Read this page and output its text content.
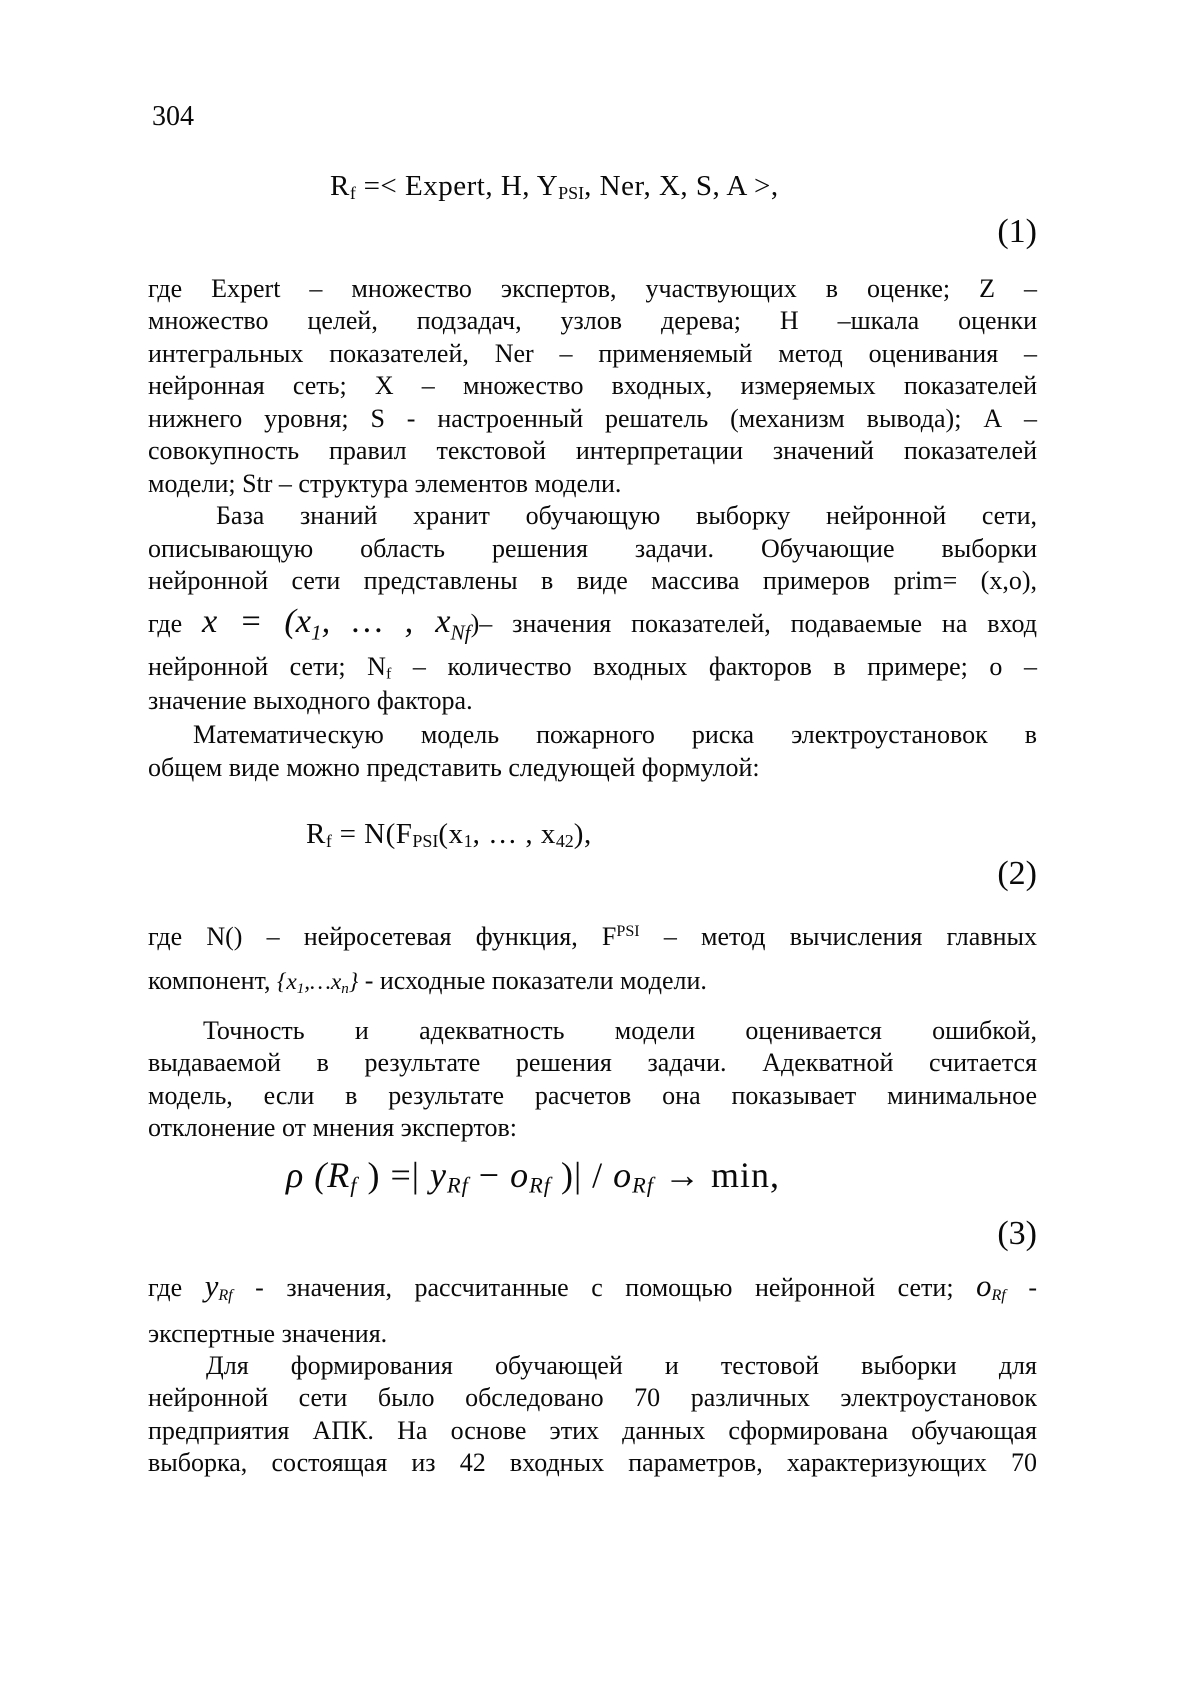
304
Rf =< Expert, H, YPSI, Ner, X, S, A >,
(1)
где Expert – множество экспертов, участвующих в оценке; Z –
множество целей, подзадач, узлов дерева; Н –шкала оценки
интегральных показателей, Ner – применяемый метод оценивания –
нейронная сеть; Х – множество входных, измеряемых показателей
нижнего уровня; S - настроенный решатель (механизм вывода); А –
совокупность правил текстовой интерпретации значений показателей
модели; Str – структура элементов модели.
База знаний хранит обучающую выборку нейронной сети,
описывающую область решения задачи. Обучающие выборки
нейронной сети представлены в виде массива примеров prim= (x,o),
где $x = (x_1$, … , $x_{Nf})-$ значения показателей, подаваемые на вход
нейронной сети; Nf – количество входных факторов в примере; о –
значение выходного фактора.
Математическую модель пожарного риска электроустановок в
общем виде можно представить следующей формулой:
Rf = N(FPSI(x1, … , x42),
(2)
где N() – нейросетевая функция, $F^{PSI}$ – метод вычисления главных
компонент, {x1,…xn} - исходные показатели модели.
Точность и адекватность модели оценивается ошибкой,
выдаваемой в результате решения задачи. Адекватной считается
модель, если в результате расчетов она показывает минимальное
отклонение от мнения экспертов:
ρ (Rf ) =| yRf − oRf )| / oRf → min,
(3)
где yRf - значения, рассчитанные с помощью нейронной сети; oRf -
экспертные значения.
Для формирования обучающей и тестовой выборки для
нейронной сети было обследовано 70 различных электроустановок
предприятия АПК. На основе этих данных сформирована обучающая
выборка, состоящая из 42 входных параметров, характеризующих 70
